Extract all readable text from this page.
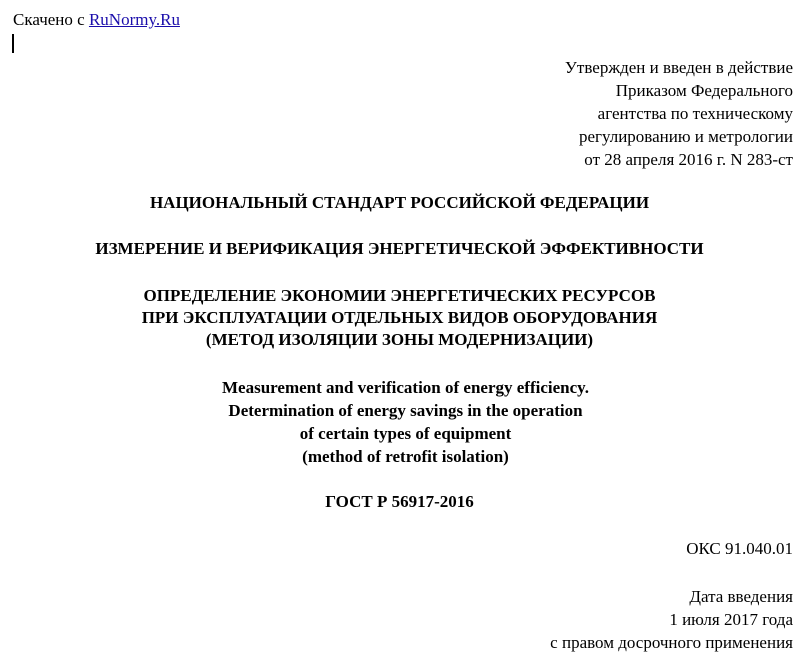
Скачено с RuNormy.Ru
Утвержден и введен в действие
Приказом Федерального
агентства по техническому
регулированию и метрологии
от 28 апреля 2016 г. N 283-ст
НАЦИОНАЛЬНЫЙ СТАНДАРТ РОССИЙСКОЙ ФЕДЕРАЦИИ
ИЗМЕРЕНИЕ И ВЕРИФИКАЦИЯ ЭНЕРГЕТИЧЕСКОЙ ЭФФЕКТИВНОСТИ
ОПРЕДЕЛЕНИЕ ЭКОНОМИИ ЭНЕРГЕТИЧЕСКИХ РЕСУРСОВ
ПРИ ЭКСПЛУАТАЦИИ ОТДЕЛЬНЫХ ВИДОВ ОБОРУДОВАНИЯ
(МЕТОД ИЗОЛЯЦИИ ЗОНЫ МОДЕРНИЗАЦИИ)
Measurement and verification of energy efficiency.
Determination of energy savings in the operation
of certain types of equipment
(method of retrofit isolation)
ГОСТ Р 56917-2016
ОКС 91.040.01
Дата введения
1 июля 2017 года
с правом досрочного применения
